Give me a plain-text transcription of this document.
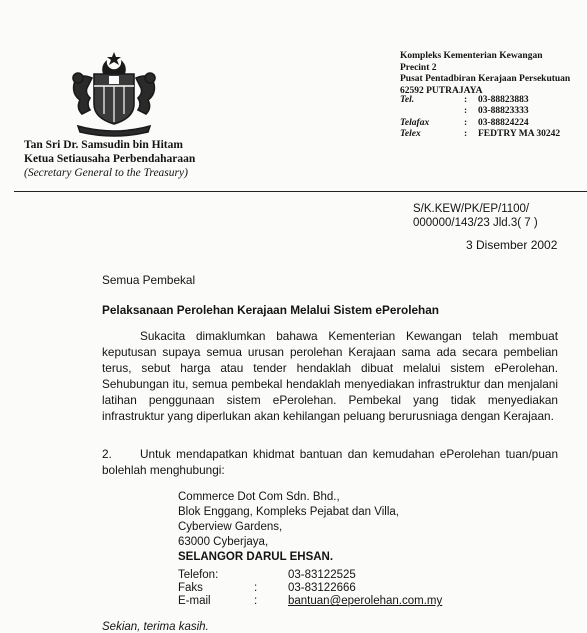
Tan Sri Dr. Samsudin bin Hitam
Ketua Setiausaha Perbendaharaan
(Secretary General to the Treasury)
Kompleks Kementerian Kewangan
Precint 2
Pusat Pentadbiran Kerajaan Persekutuan
62592 PUTRAJAYA
Tel.	:	03-88823883
	:	03-88823333
Telafax	:	03-88824224
Telex	:	FEDTRY MA 30242
S/K.KEW/PK/EP/1100/
000000/143/23 Jld.3( 7 )
3 Disember 2002
Semua Pembekal
Pelaksanaan Perolehan Kerajaan Melalui Sistem ePerolehan
Sukacita dimaklumkan bahawa Kementerian Kewangan telah membuat keputusan supaya semua urusan perolehan Kerajaan sama ada secara pembelian terus, sebut harga atau tender hendaklah dibuat melalui sistem ePerolehan. Sehubungan itu, semua pembekal hendaklah menyediakan infrastruktur dan menjalani latihan penggunaan sistem ePerolehan. Pembekal yang tidak menyediakan infrastruktur yang diperlukan akan kehilangan peluang berurusniaga dengan Kerajaan.
2. Untuk mendapatkan khidmat bantuan dan kemudahan ePerolehan tuan/puan bolehlah menghubungi:
Commerce Dot Com Sdn. Bhd.,
Blok Enggang, Kompleks Pejabat dan Villa,
Cyberview Gardens,
63000 Cyberjaya,
SELANGOR DARUL EHSAN.
Telefon:		03-83122525
Faks	:	03-83122666
E-mail	:	bantuan@eperolehan.com.my
Sekian, terima kasih.
